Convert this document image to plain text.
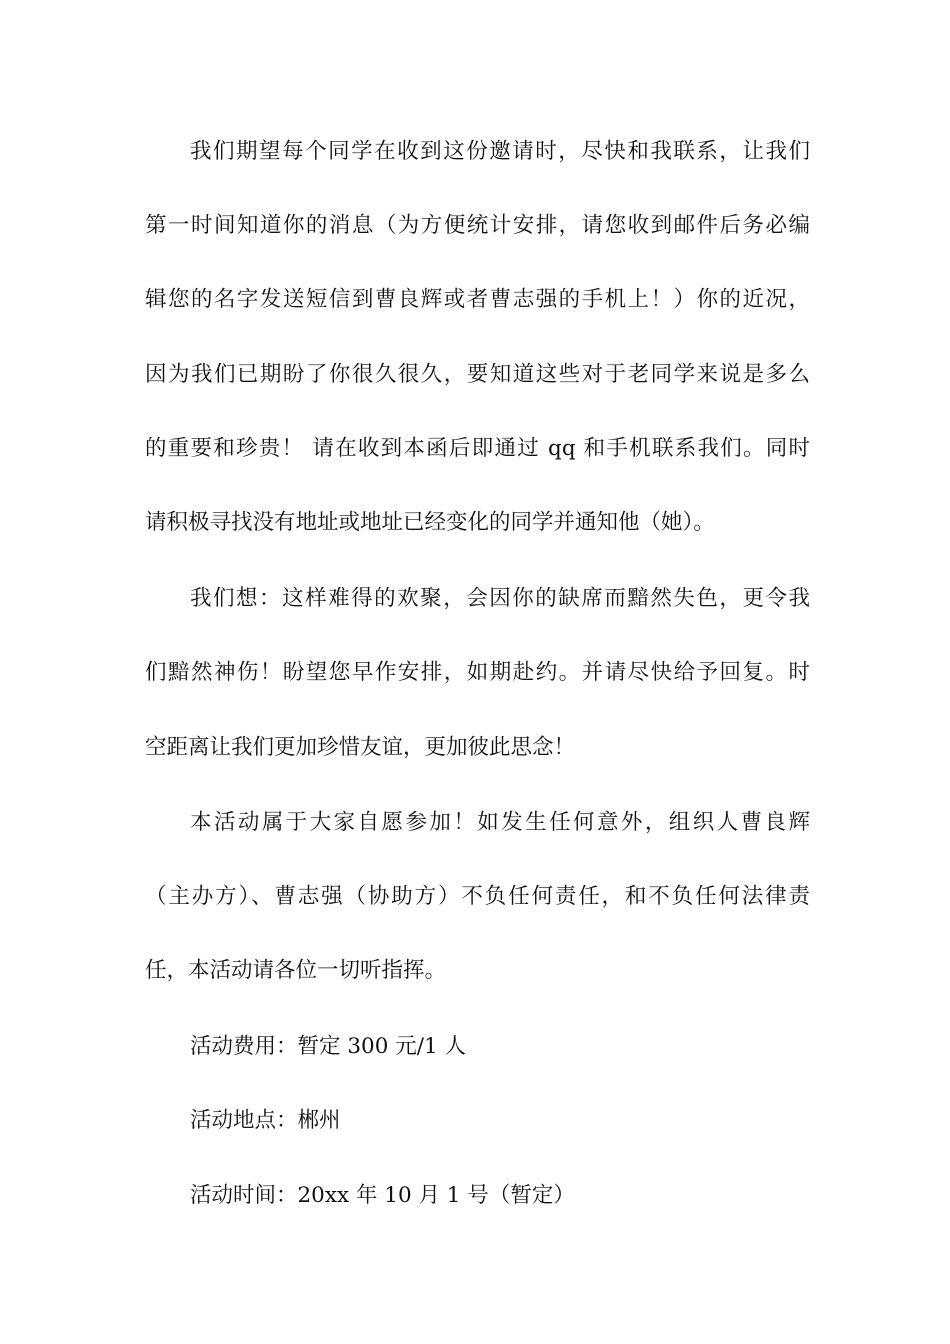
我们期望每个同学在收到这份邀请时，尽快和我联系，让我们
第一时间知道你的消息（为方便统计安排，请您收到邮件后务必编
辑您的名字发送短信到曹良辉或者曹志强的手机上！）你的近况，
因为我们已期盼了你很久很久，要知道这些对于老同学来说是多么
的重要和珍贵！ 请在收到本函后即通过 qq 和手机联系我们。同时
请积极寻找没有地址或地址已经变化的同学并通知他（她）。
我们想：这样难得的欢聚，会因你的缺席而黯然失色，更令我
们黯然神伤！盼望您早作安排，如期赴约。并请尽快给予回复。时
空距离让我们更加珍惜友谊，更加彼此思念！
本活动属于大家自愿参加！如发生任何意外，组织人曹良辉
（主办方）、曹志强（协助方）不负任何责任，和不负任何法律责
任，本活动请各位一切听指挥。
活动费用：暂定 300 元/1 人
活动地点：郴州
活动时间：20xx 年 10 月 1 号（暂定）
